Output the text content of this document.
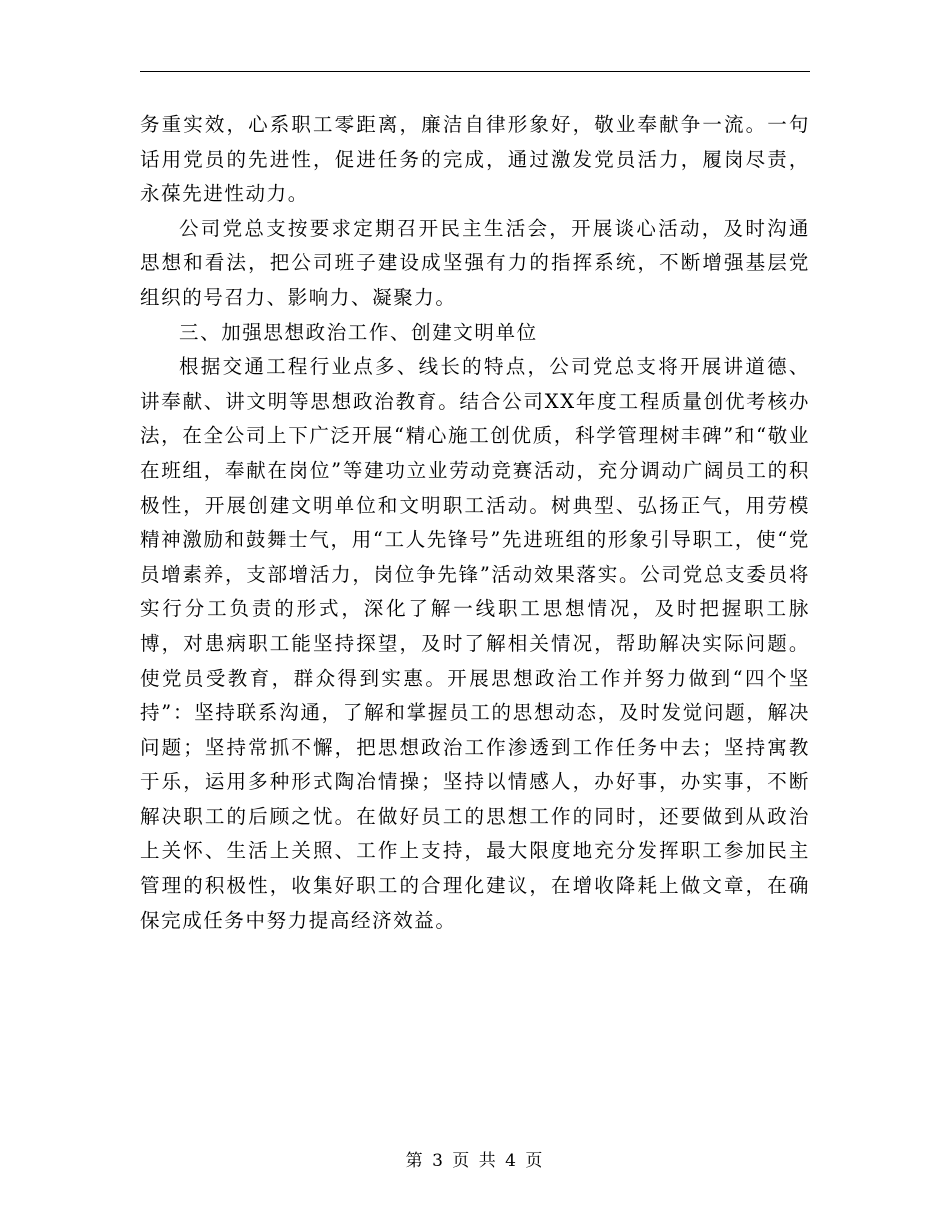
务重实效，心系职工零距离，廉洁自律形象好，敬业奉献争一流。一句话用党员的先进性，促进任务的完成，通过激发党员活力，履岗尽责，永葆先进性动力。

公司党总支按要求定期召开民主生活会，开展谈心活动，及时沟通思想和看法，把公司班子建设成坚强有力的指挥系统，不断增强基层党组织的号召力、影响力、凝聚力。

三、加强思想政治工作、创建文明单位

根据交通工程行业点多、线长的特点，公司党总支将开展讲道德、讲奉献、讲文明等思想政治教育。结合公司XX年度工程质量创优考核办法，在全公司上下广泛开展“精心施工创优质，科学管理树丰碑”和“敬业在班组，奉献在岗位”等建功立业劳动竞赛活动，充分调动广阔员工的积极性，开展创建文明单位和文明职工活动。树典型、弘扬正气，用劳模精神激励和鼓舞士气，用“工人先锋号”先进班组的形象引导职工，使“党员增素养，支部增活力，岗位争先锋”活动效果落实。公司党总支委员将实行分工负责的形式，深化了解一线职工思想情况，及时把握职工脉博，对患病职工能坚持探望，及时了解相关情况，帮助解决实际问题。使党员受教育，群众得到实惠。开展思想政治工作并努力做到“四个坚持”：坚持联系沟通，了解和掌握员工的思想动态，及时发觉问题，解决问题；坚持常抓不懈，把思想政治工作渗透到工作任务中去；坚持寓教于乐，运用多种形式陶冶情操；坚持以情感人，办好事，办实事，不断解决职工的后顾之忧。在做好员工的思想工作的同时，还要做到从政治上关怀、生活上关照、工作上支持，最大限度地充分发挥职工参加民主管理的积极性，收集好职工的合理化建议，在增收降耗上做文章，在确保完成任务中努力提高经济效益。

第 3 页 共 4 页
